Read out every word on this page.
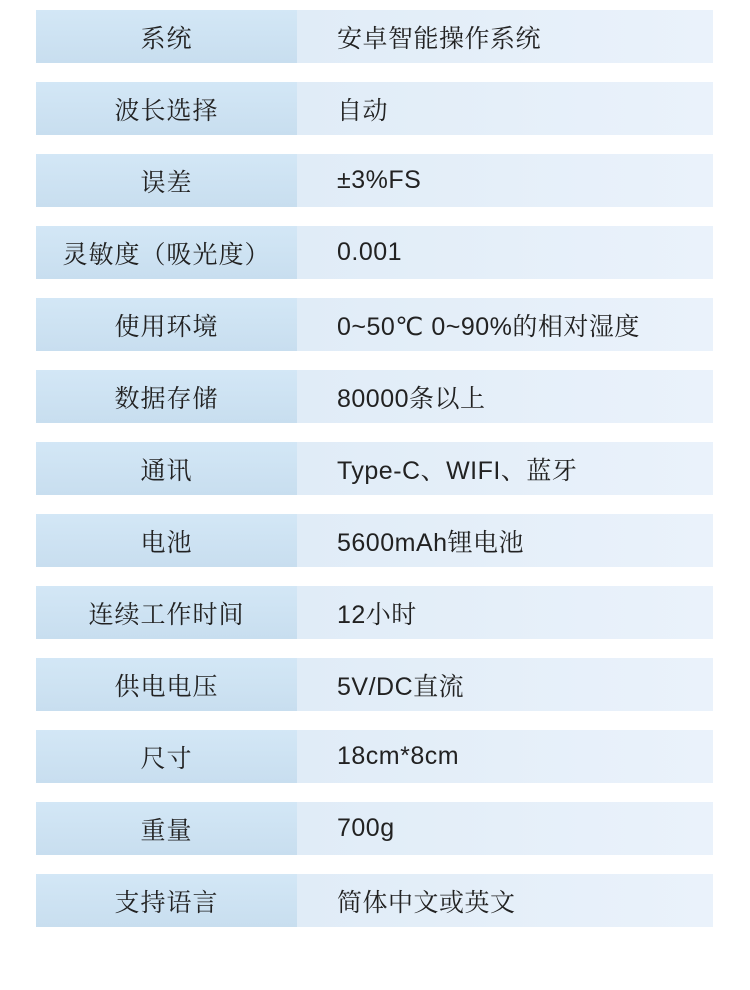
系统	安卓智能操作系统
波长选择	自动
误差	±3%FS
灵敏度（吸光度）	0.001
使用环境	0~50℃ 0~90%的相对湿度
数据存储	80000条以上
通讯	Type-C、WIFI、蓝牙
电池	5600mAh锂电池
连续工作时间	12小时
供电电压	5V/DC直流
尺寸	18cm*8cm
重量	700g
支持语言	简体中文或英文
